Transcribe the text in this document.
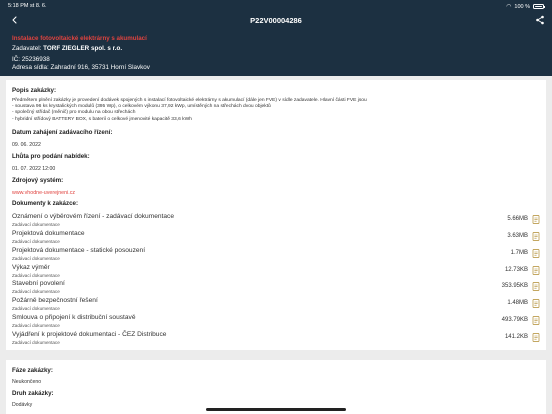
5:18 PM st 8. 6.	◠ 100 %
P22V00004286
Instalace fotovoltaické elektrárny s akumulací
Zadavatel: TORF ZIEGLER spol. s r.o.
IČ: 25236938
Adresa sídla: Zahradní 916, 35731 Horní Slavkov
Popis zakázky:
Předmětem plnění zakázky je provedení dodávek spojených s instalací fotovoltaické elektrárny s akumulací (dále jen FVE) v sídle zadavatele. Hlavní části FVE jsou
- soustava 96 ks krystalických modulů (395 Wp), o celkovém výkonu 37,92 kWp, umístěných na střechách dvou objektů
- společný střídač (měnič) pro modulu na obou střechách
- hybridní střídový BATTERY BOX, s baterií o celkové jmenovité kapacitě 33,6 kWh
Datum zahájení zadávacího řízení:
09. 06. 2022
Lhůta pro podání nabídek:
01. 07. 2022 12:00
Zdrojový systém:
www.vhodne-uverejneni.cz
Dokumenty k zakázce:
Oznámení o výběrovém řízení - zadávací dokumentace
Zadávací dokumentace
5.66MB
Projektová dokumentace
Zadávací dokumentace
3.63MB
Projektová dokumentace - statické posouzení
Zadávací dokumentace
1.7MB
Výkaz výměr
Zadávací dokumentace
12.73KB
Stavební povolení
Zadávací dokumentace
353.95KB
Požárně bezpečnostní řešení
Zadávací dokumentace
1.48MB
Smlouva o připojení k distribuční soustavě
Zadávací dokumentace
493.79KB
Vyjádření k projektové dokumentaci - ČEZ Distribuce
Zadávací dokumentace
141.2KB
Fáze zakázky:
Neukončeno
Druh zakázky:
Dodávky
